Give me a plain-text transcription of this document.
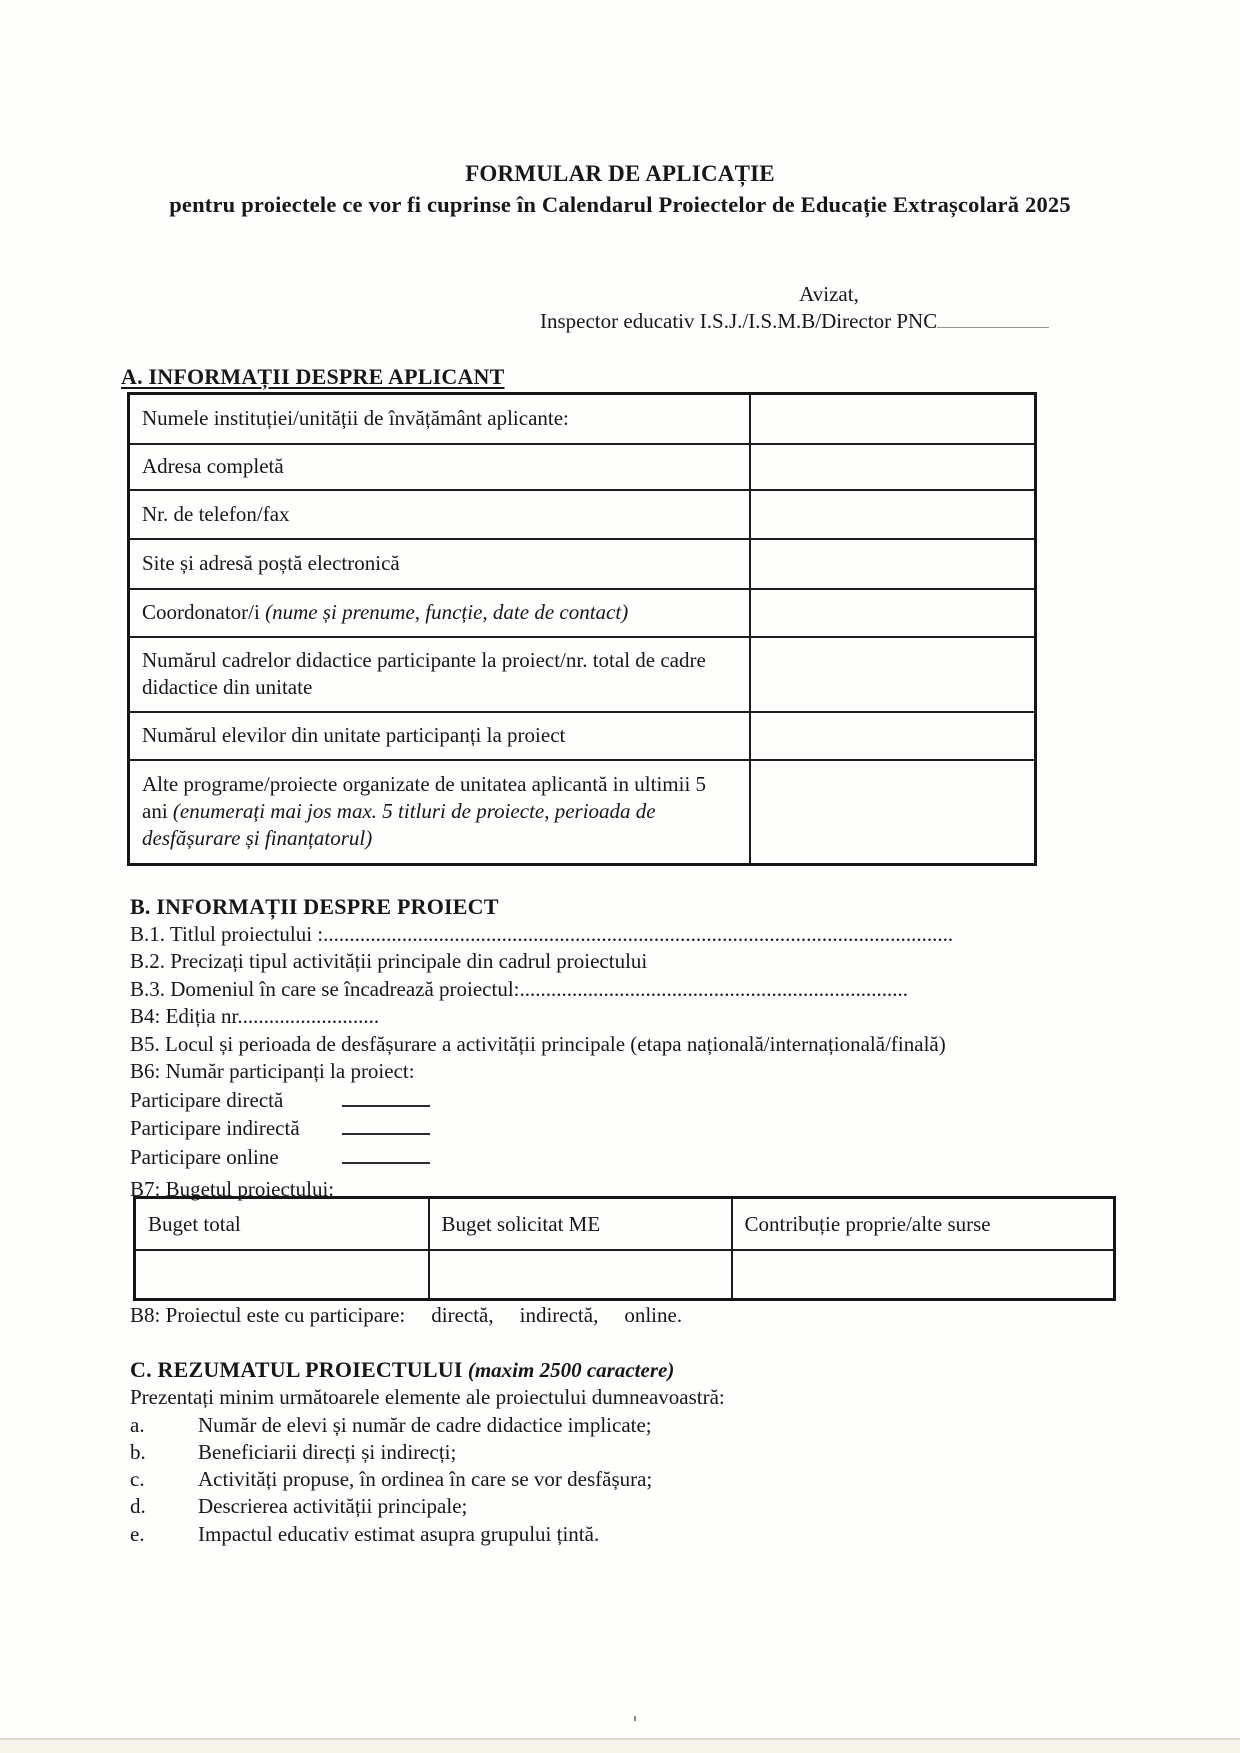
FORMULAR DE APLICAȚIE
pentru proiectele ce vor fi cuprinse în Calendarul Proiectelor de Educație Extrașcolară 2025
Avizat,
Inspector educativ I.S.J./I.S.M.B/Director PNC
A. INFORMAȚII DESPRE APLICANT
Numele instituției/unității de învățământ aplicante:	
Adresa completă	
Nr. de telefon/fax	
Site și adresă poștă electronică	
Coordonator/i (nume și prenume, funcție, date de contact)	
Numărul cadrelor didactice participante la proiect/nr. total de cadre didactice din unitate	
Numărul elevilor din unitate participanți la proiect	
Alte programe/proiecte organizate de unitatea aplicantă in ultimii 5 ani (enumerați mai jos max. 5 titluri de proiecte, perioada de desfășurare și finanțatorul)	
B. INFORMAȚII DESPRE PROIECT
B.1. Titlul proiectului :........................................................................................................................
B.2. Precizați tipul activității principale din cadrul proiectului
B.3. Domeniul în care se încadrează proiectul:..........................................................................
B4: Ediția nr...........................
B5. Locul și perioada de desfășurare a activității principale (etapa națională/internațională/finală)
B6: Număr participanți la proiect:
Participare directă
Participare indirectă
Participare online
B7: Bugetul proiectului:
Buget total	Buget solicitat ME	Contribuție proprie/alte surse

B8: Proiectul este cu participare: directă, indirectă, online.
C. REZUMATUL PROIECTULUI (maxim 2500 caractere)
Prezentați minim următoarele elemente ale proiectului dumneavoastră:
a.	Număr de elevi și număr de cadre didactice implicate;
b. Beneficiarii direcți și indirecți;
c.	Activități propuse, în ordinea în care se vor desfășura;
d. Descrierea activității principale;
e.	Impactul educativ estimat asupra grupului țintă.
